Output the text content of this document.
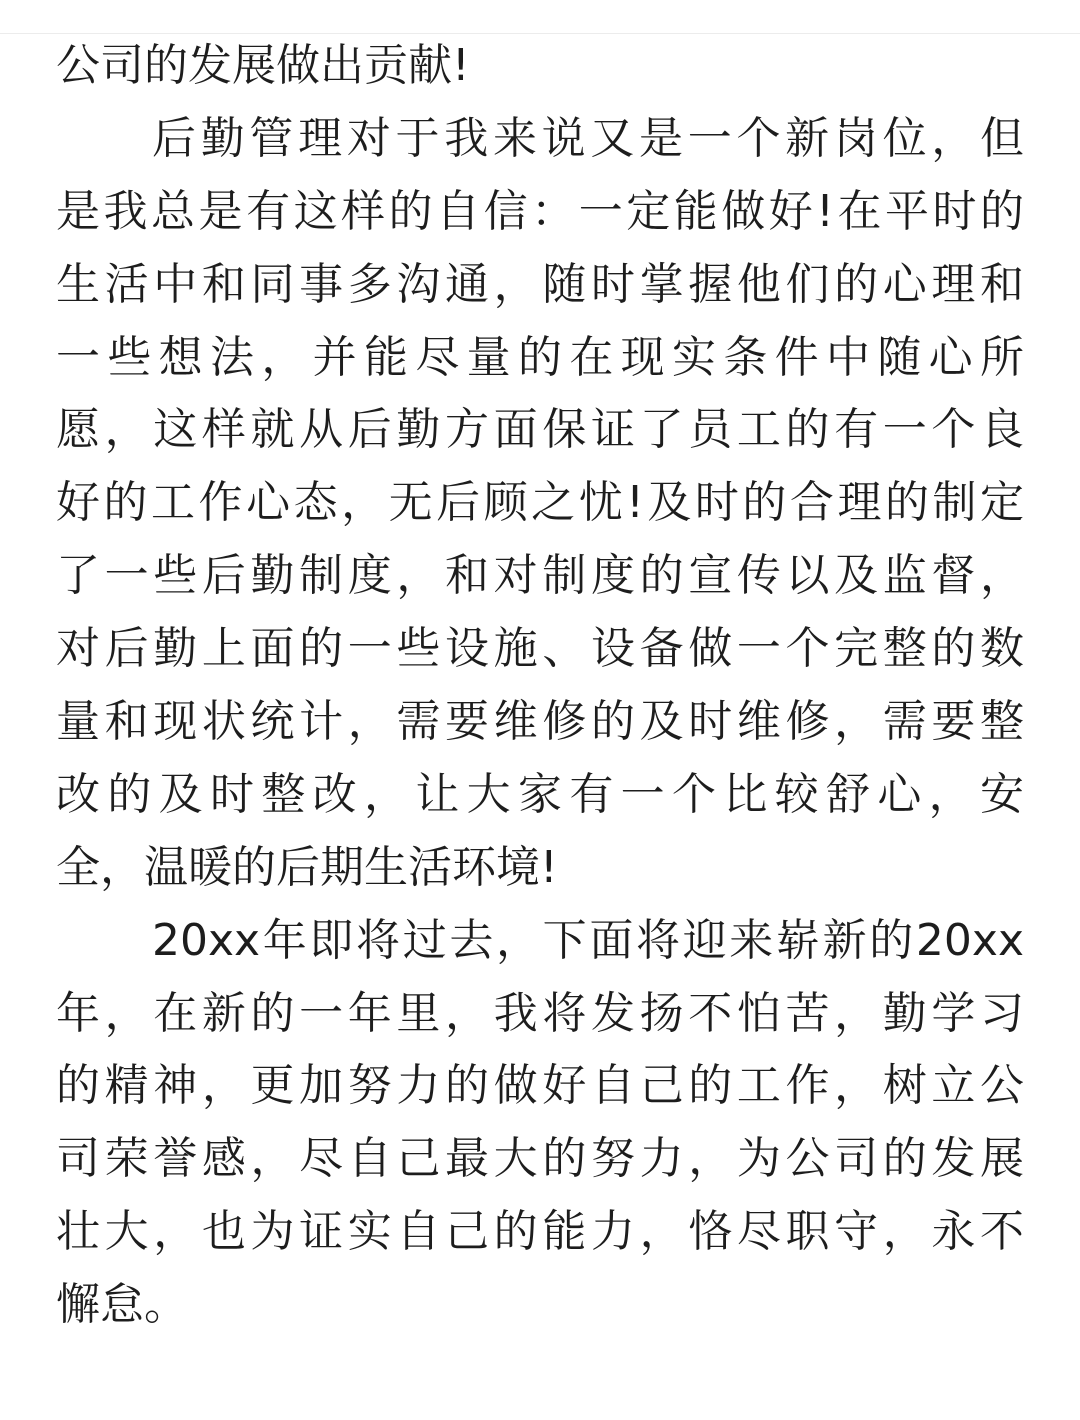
公司的发展做出贡献!
后勤管理对于我来说又是一个新岗位，但
是我总是有这样的自信：一定能做好!在平时的
生活中和同事多沟通，随时掌握他们的心理和
一些想法，并能尽量的在现实条件中随心所
愿，这样就从后勤方面保证了员工的有一个良
好的工作心态，无后顾之忧!及时的合理的制定
了一些后勤制度，和对制度的宣传以及监督，
对后勤上面的一些设施、设备做一个完整的数
量和现状统计，需要维修的及时维修，需要整
改的及时整改，让大家有一个比较舒心，安
全，温暖的后期生活环境!
20xx年即将过去，下面将迎来崭新的20xx
年，在新的一年里，我将发扬不怕苦，勤学习
的精神，更加努力的做好自己的工作，树立公
司荣誉感，尽自己最大的努力，为公司的发展
壮大，也为证实自己的能力，恪尽职守，永不
懈怠。
